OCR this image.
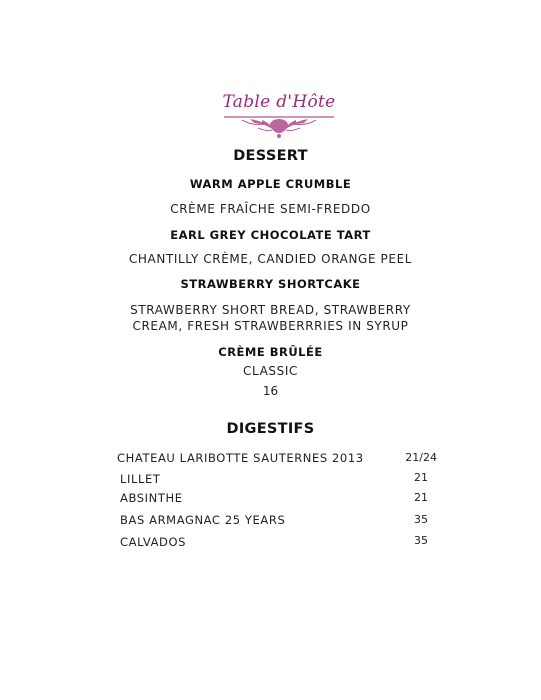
Table d'Hôte
DESSERT
WARM APPLE CRUMBLE
CRÈME FRAÎCHE SEMI-FREDDO
EARL GREY CHOCOLATE TART
CHANTILLY CRÈME, CANDIED ORANGE PEEL
STRAWBERRY SHORTCAKE
STRAWBERRY SHORT BREAD, STRAWBERRY
CREAM, FRESH STRAWBERRRIES IN SYRUP
CRÈME BRÛLÉE
CLASSIC
16
DIGESTIFS
CHATEAU LARIBOTTE SAUTERNES 2013	21/24
LILLET	21
ABSINTHE	21
BAS ARMAGNAC 25 YEARS	35
CALVADOS	35
